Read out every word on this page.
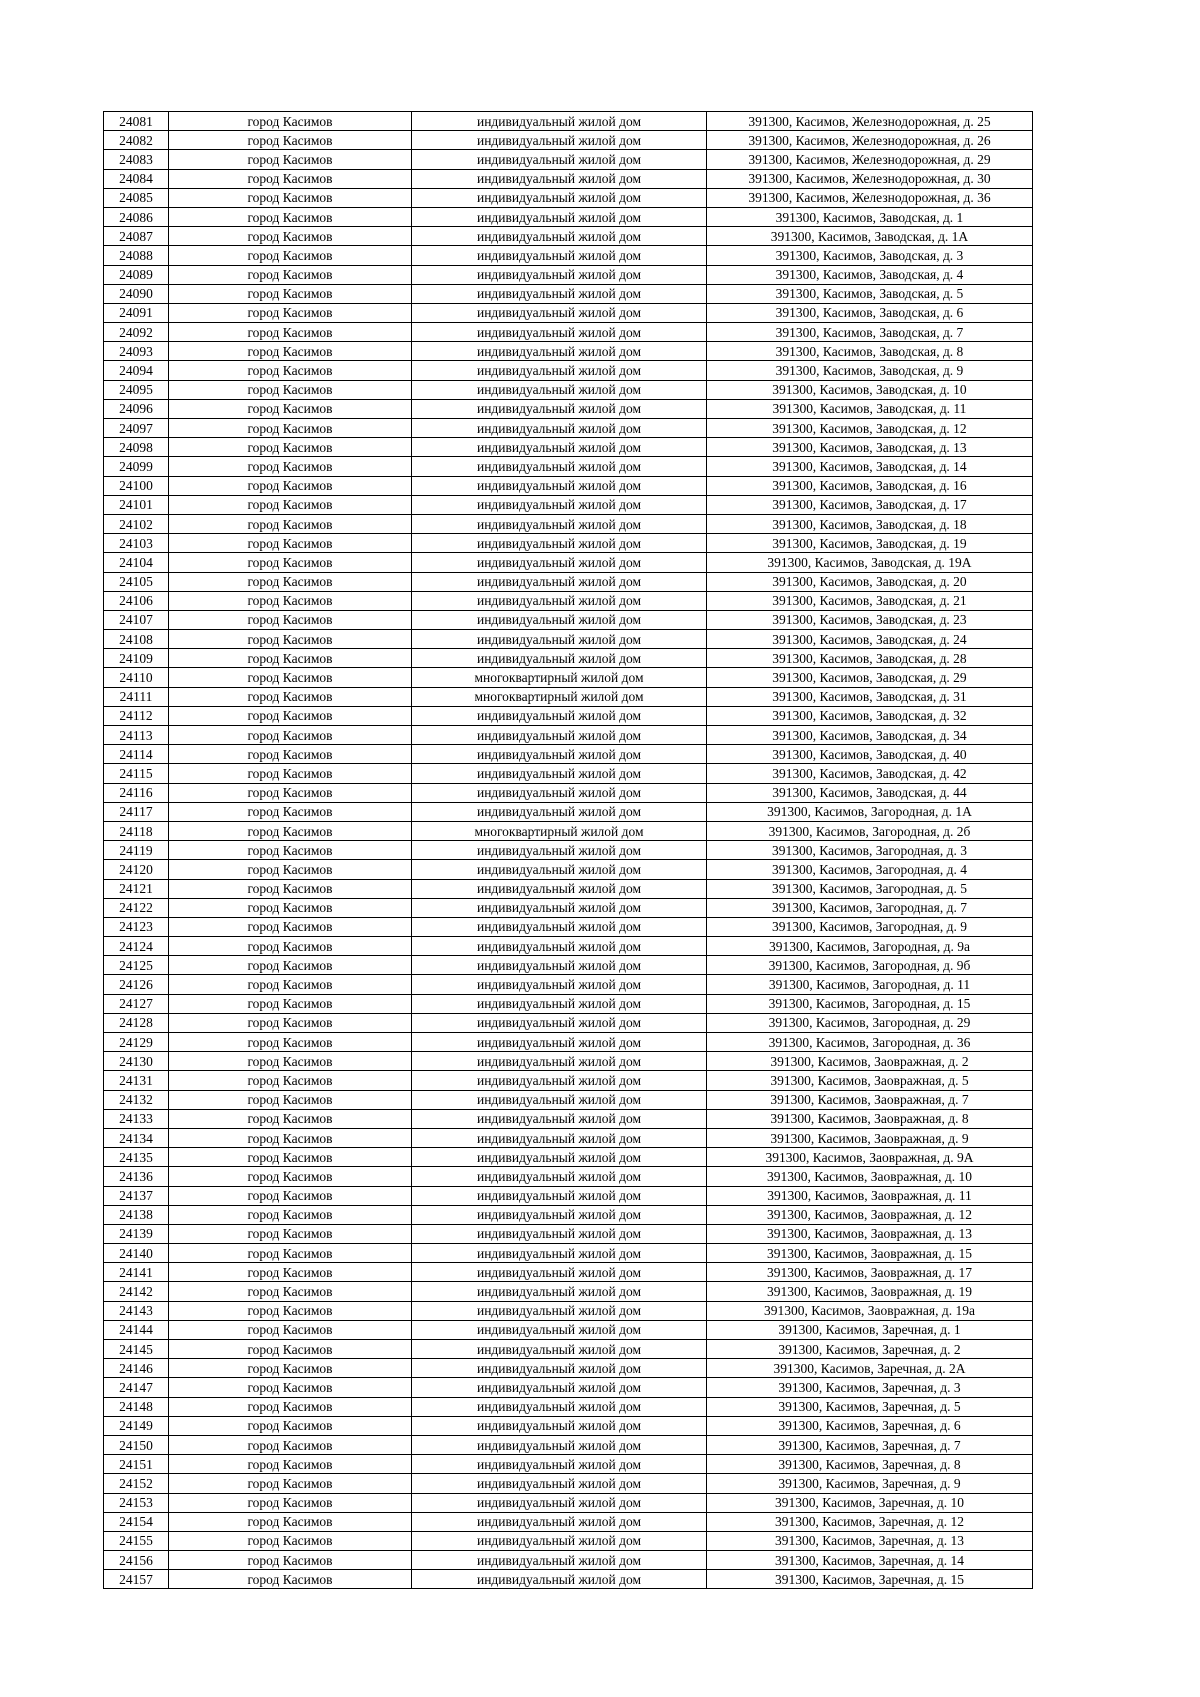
24081	город Касимов	индивидуальный жилой дом	391300, Касимов, Железнодорожная, д. 25
24082	город Касимов	индивидуальный жилой дом	391300, Касимов, Железнодорожная, д. 26
24083	город Касимов	индивидуальный жилой дом	391300, Касимов, Железнодорожная, д. 29
24084	город Касимов	индивидуальный жилой дом	391300, Касимов, Железнодорожная, д. 30
24085	город Касимов	индивидуальный жилой дом	391300, Касимов, Железнодорожная, д. 36
24086	город Касимов	индивидуальный жилой дом	391300, Касимов, Заводская, д. 1
24087	город Касимов	индивидуальный жилой дом	391300, Касимов, Заводская, д. 1А
24088	город Касимов	индивидуальный жилой дом	391300, Касимов, Заводская, д. 3
24089	город Касимов	индивидуальный жилой дом	391300, Касимов, Заводская, д. 4
24090	город Касимов	индивидуальный жилой дом	391300, Касимов, Заводская, д. 5
24091	город Касимов	индивидуальный жилой дом	391300, Касимов, Заводская, д. 6
24092	город Касимов	индивидуальный жилой дом	391300, Касимов, Заводская, д. 7
24093	город Касимов	индивидуальный жилой дом	391300, Касимов, Заводская, д. 8
24094	город Касимов	индивидуальный жилой дом	391300, Касимов, Заводская, д. 9
24095	город Касимов	индивидуальный жилой дом	391300, Касимов, Заводская, д. 10
24096	город Касимов	индивидуальный жилой дом	391300, Касимов, Заводская, д. 11
24097	город Касимов	индивидуальный жилой дом	391300, Касимов, Заводская, д. 12
24098	город Касимов	индивидуальный жилой дом	391300, Касимов, Заводская, д. 13
24099	город Касимов	индивидуальный жилой дом	391300, Касимов, Заводская, д. 14
24100	город Касимов	индивидуальный жилой дом	391300, Касимов, Заводская, д. 16
24101	город Касимов	индивидуальный жилой дом	391300, Касимов, Заводская, д. 17
24102	город Касимов	индивидуальный жилой дом	391300, Касимов, Заводская, д. 18
24103	город Касимов	индивидуальный жилой дом	391300, Касимов, Заводская, д. 19
24104	город Касимов	индивидуальный жилой дом	391300, Касимов, Заводская, д. 19А
24105	город Касимов	индивидуальный жилой дом	391300, Касимов, Заводская, д. 20
24106	город Касимов	индивидуальный жилой дом	391300, Касимов, Заводская, д. 21
24107	город Касимов	индивидуальный жилой дом	391300, Касимов, Заводская, д. 23
24108	город Касимов	индивидуальный жилой дом	391300, Касимов, Заводская, д. 24
24109	город Касимов	индивидуальный жилой дом	391300, Касимов, Заводская, д. 28
24110	город Касимов	многоквартирный жилой дом	391300, Касимов, Заводская, д. 29
24111	город Касимов	многоквартирный жилой дом	391300, Касимов, Заводская, д. 31
24112	город Касимов	индивидуальный жилой дом	391300, Касимов, Заводская, д. 32
24113	город Касимов	индивидуальный жилой дом	391300, Касимов, Заводская, д. 34
24114	город Касимов	индивидуальный жилой дом	391300, Касимов, Заводская, д. 40
24115	город Касимов	индивидуальный жилой дом	391300, Касимов, Заводская, д. 42
24116	город Касимов	индивидуальный жилой дом	391300, Касимов, Заводская, д. 44
24117	город Касимов	индивидуальный жилой дом	391300, Касимов, Загородная, д. 1А
24118	город Касимов	многоквартирный жилой дом	391300, Касимов, Загородная, д. 2б
24119	город Касимов	индивидуальный жилой дом	391300, Касимов, Загородная, д. 3
24120	город Касимов	индивидуальный жилой дом	391300, Касимов, Загородная, д. 4
24121	город Касимов	индивидуальный жилой дом	391300, Касимов, Загородная, д. 5
24122	город Касимов	индивидуальный жилой дом	391300, Касимов, Загородная, д. 7
24123	город Касимов	индивидуальный жилой дом	391300, Касимов, Загородная, д. 9
24124	город Касимов	индивидуальный жилой дом	391300, Касимов, Загородная, д. 9а
24125	город Касимов	индивидуальный жилой дом	391300, Касимов, Загородная, д. 9б
24126	город Касимов	индивидуальный жилой дом	391300, Касимов, Загородная, д. 11
24127	город Касимов	индивидуальный жилой дом	391300, Касимов, Загородная, д. 15
24128	город Касимов	индивидуальный жилой дом	391300, Касимов, Загородная, д. 29
24129	город Касимов	индивидуальный жилой дом	391300, Касимов, Загородная, д. 36
24130	город Касимов	индивидуальный жилой дом	391300, Касимов, Заовражная, д. 2
24131	город Касимов	индивидуальный жилой дом	391300, Касимов, Заовражная, д. 5
24132	город Касимов	индивидуальный жилой дом	391300, Касимов, Заовражная, д. 7
24133	город Касимов	индивидуальный жилой дом	391300, Касимов, Заовражная, д. 8
24134	город Касимов	индивидуальный жилой дом	391300, Касимов, Заовражная, д. 9
24135	город Касимов	индивидуальный жилой дом	391300, Касимов, Заовражная, д. 9А
24136	город Касимов	индивидуальный жилой дом	391300, Касимов, Заовражная, д. 10
24137	город Касимов	индивидуальный жилой дом	391300, Касимов, Заовражная, д. 11
24138	город Касимов	индивидуальный жилой дом	391300, Касимов, Заовражная, д. 12
24139	город Касимов	индивидуальный жилой дом	391300, Касимов, Заовражная, д. 13
24140	город Касимов	индивидуальный жилой дом	391300, Касимов, Заовражная, д. 15
24141	город Касимов	индивидуальный жилой дом	391300, Касимов, Заовражная, д. 17
24142	город Касимов	индивидуальный жилой дом	391300, Касимов, Заовражная, д. 19
24143	город Касимов	индивидуальный жилой дом	391300, Касимов, Заовражная, д. 19а
24144	город Касимов	индивидуальный жилой дом	391300, Касимов, Заречная, д. 1
24145	город Касимов	индивидуальный жилой дом	391300, Касимов, Заречная, д. 2
24146	город Касимов	индивидуальный жилой дом	391300, Касимов, Заречная, д. 2А
24147	город Касимов	индивидуальный жилой дом	391300, Касимов, Заречная, д. 3
24148	город Касимов	индивидуальный жилой дом	391300, Касимов, Заречная, д. 5
24149	город Касимов	индивидуальный жилой дом	391300, Касимов, Заречная, д. 6
24150	город Касимов	индивидуальный жилой дом	391300, Касимов, Заречная, д. 7
24151	город Касимов	индивидуальный жилой дом	391300, Касимов, Заречная, д. 8
24152	город Касимов	индивидуальный жилой дом	391300, Касимов, Заречная, д. 9
24153	город Касимов	индивидуальный жилой дом	391300, Касимов, Заречная, д. 10
24154	город Касимов	индивидуальный жилой дом	391300, Касимов, Заречная, д. 12
24155	город Касимов	индивидуальный жилой дом	391300, Касимов, Заречная, д. 13
24156	город Касимов	индивидуальный жилой дом	391300, Касимов, Заречная, д. 14
24157	город Касимов	индивидуальный жилой дом	391300, Касимов, Заречная, д. 15
